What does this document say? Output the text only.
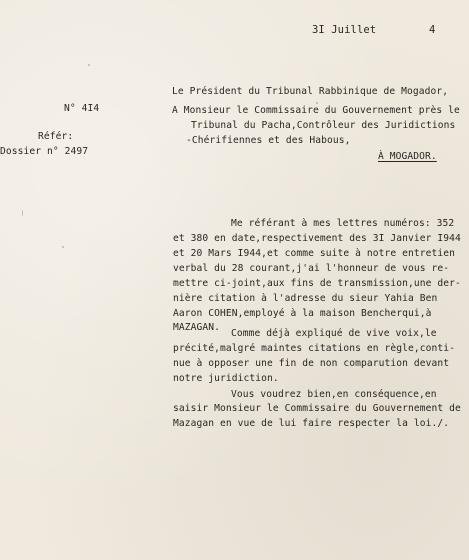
3I Juillet	4
Le Président du Tribunal Rabbinique de Mogador,
A Monsieur le Commissaire du Gouvernement près le
Tribunal du Pacha,Contrôleur des Juridictions
-Chérifiennes et des Habous,
À MOGADOR.
N° 4I4
Référ:
Dossier n° 2497
Me référant à mes lettres numéros: 352
et 380 en date,respectivement des 3I Janvier I944
et 20 Mars I944,et comme suite à notre entretien
verbal du 28 courant,j'ai l'honneur de vous re-
mettre ci-joint,aux fins de transmission,une der-
nière citation à l'adresse du sieur Yahia Ben
Aaron COHEN,employé à la maison Bencherqui,à
MAZAGAN.
Comme déjà expliqué de vive voix,le
précité,malgré maintes citations en règle,conti-
nue à opposer une fin de non comparution devant
notre juridiction.
Vous voudrez bien,en conséquence,en
saisir Monsieur le Commissaire du Gouvernement de
Mazagan en vue de lui faire respecter la loi./.
